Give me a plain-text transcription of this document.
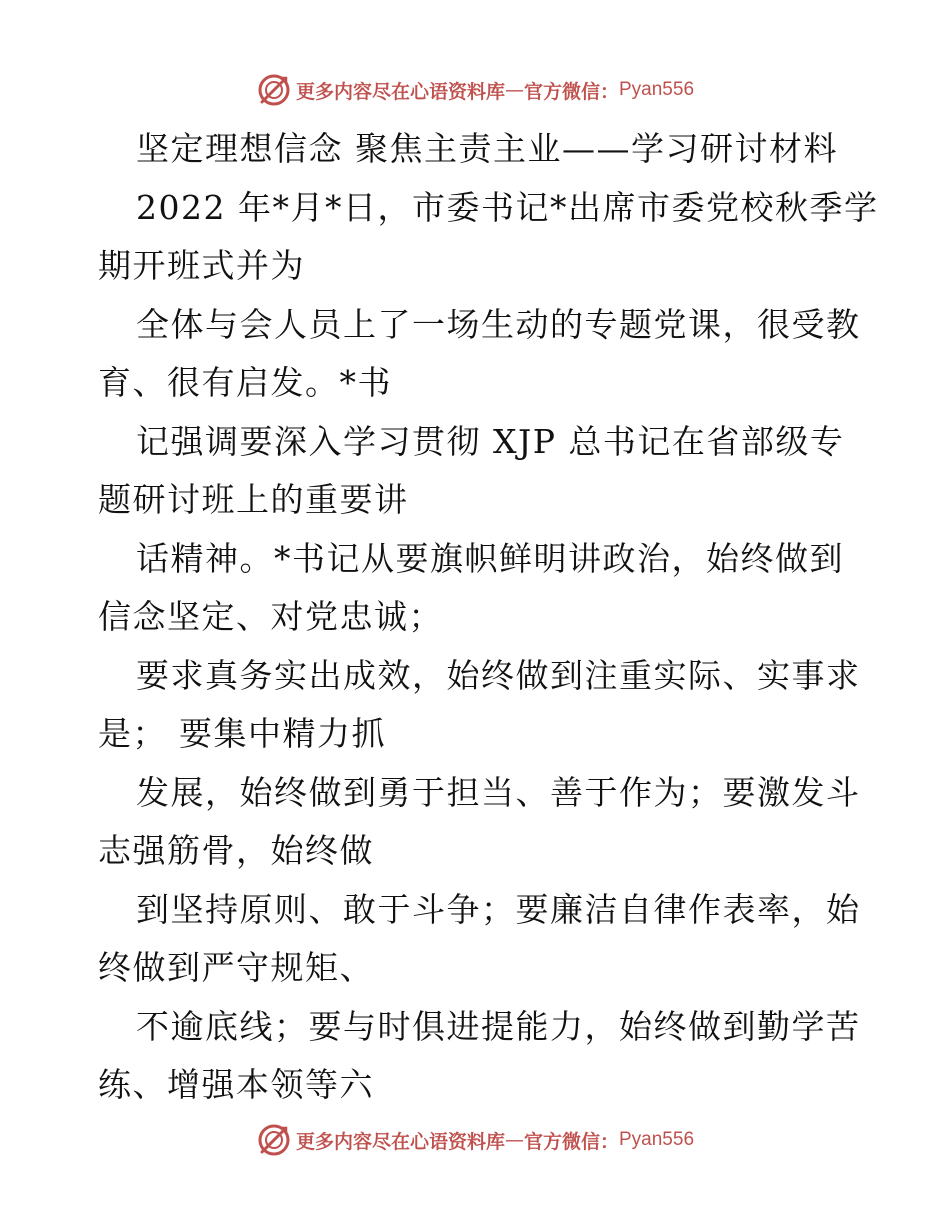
更多内容尽在心语资料库 — 官方微信： Pyan556
坚定理想信念 聚焦主责主业——学习研讨材料
2022 年*月*日，市委书记*出席市委党校秋季学
期开班式并为
全体与会人员上了一场生动的专题党课，很受教
育、很有启发。*书
记强调要深入学习贯彻 XJP 总书记在省部级专
题研讨班上的重要讲
话精神。*书记从要旗帜鲜明讲政治，始终做到
信念坚定、对党忠诚；
要求真务实出成效，始终做到注重实际、实事求
是； 要集中精力抓
发展，始终做到勇于担当、善于作为；要激发斗
志强筋骨，始终做
到坚持原则、敢于斗争；要廉洁自律作表率，始
终做到严守规矩、
不逾底线；要与时俱进提能力，始终做到勤学苦
练、增强本领等六
更多内容尽在心语资料库 — 官方微信： Pyan556
